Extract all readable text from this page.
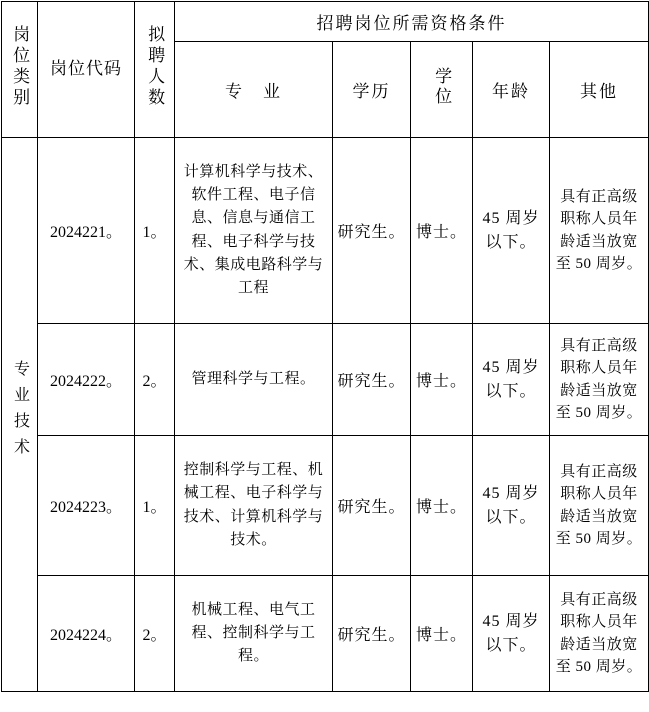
岗位类别	岗位代码	拟聘人数	招聘岗位所需资格条件				
			专　业	学历	学位	年龄	其他
专业技术	2024221。	1。	计算机科学与技术、软件工程、电子信息、信息与通信工程、电子科学与技术、集成电路科学与工程	研究生。	博士。	45 周岁以下。	具有正高级职称人员年龄适当放宽至 50 周岁。
	2024222。	2。	管理科学与工程。	研究生。	博士。	45 周岁以下。	具有正高级职称人员年龄适当放宽至 50 周岁。
	2024223。	1。	控制科学与工程、机械工程、电子科学与技术、计算机科学与技术。	研究生。	博士。	45 周岁以下。	具有正高级职称人员年龄适当放宽至 50 周岁。
	2024224。	2。	机械工程、电气工程、控制科学与工程。	研究生。	博士。	45 周岁以下。	具有正高级职称人员年龄适当放宽至 50 周岁。
